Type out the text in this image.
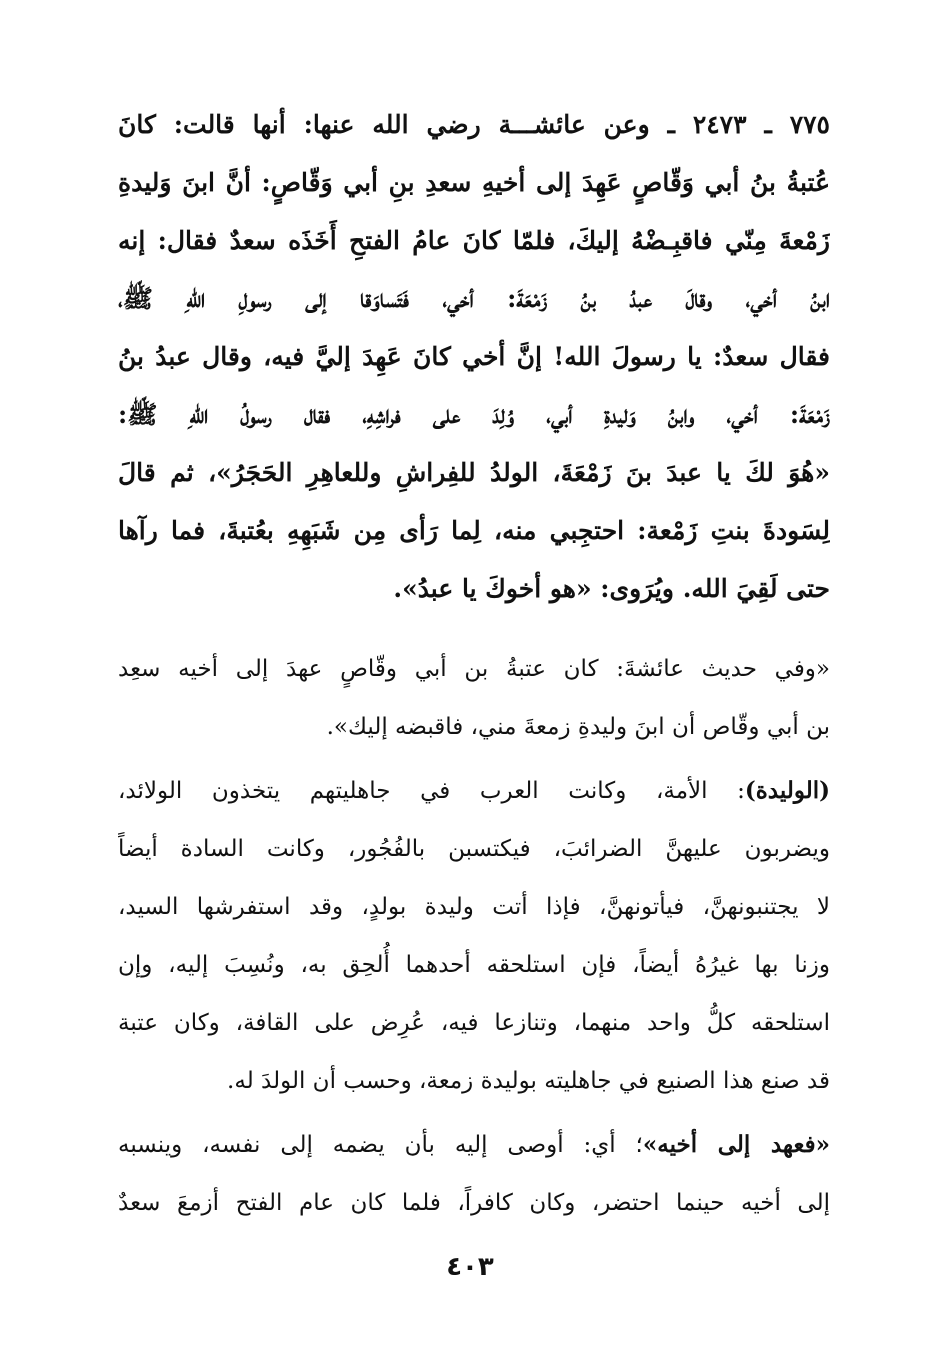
٧٧٥ ـ ٢٤٧٣ ـ وعن عائشـــة رضي الله عنها: أنها قالت: كانَ
عُتبةُ بنُ أبي وَقّاصٍ عَهِدَ إلى أخيهِ سعدِ بنِ أبي وَقّاصٍ: أنَّ ابنَ وَليدةِ
زَمْعةَ مِنّي فاقبِـضْهُ إليكَ، فلمّا كانَ عامُ الفتحِ أَخَذَه سعدٌ فقال: إنه
ابنُ أخي، وقالَ عبدُ بنُ زَمْعَةَ: أخي، فَتَساوَقا إلى رسولِ اللهِ ﷺ،
فقال سعدٌ: يا رسولَ الله! إنَّ أخي كانَ عَهِدَ إليَّ فيه، وقال عبدُ بنُ
زَمْعَةَ: أخي، وابنُ وَليدةِ أبي، وُلِدَ على فراشِهِ، فقال رسولُ اللهِ ﷺ:
«هُوَ لكَ يا عبدَ بنَ زَمْعَةَ، الولدُ للفِراشِ وللعاهِرِ الحَجَرُ»، ثم قالَ
لِسَودةَ بنتِ زَمْعة: احتجِبي منه، لِما رَأى مِن شَبَهِهِ بعُتبةَ، فما رآها
حتى لَقِيَ الله. ويُرَوى: «هو أخوكَ يا عبدُ».
«وفي حديث عائشةَ: كان عتبةُ بن أبي وقّاصٍ عهدَ إلى أخيه سعِد
بن أبي وقّاص أن ابنَ وليدةِ زمعةَ مني، فاقبضه إليك».
(الوليدة): الأمة، وكانت العرب في جاهليتهم يتخذون الولائد،
ويضربون عليهنَّ الضرائبَ، فيكتسبن بالفُجُور، وكانت السادة أيضاً
لا يجتنبونهنَّ، فيأتونهنَّ، فإذا أتت وليدة بولدٍ، وقد استفرشها السيد،
وزنا بها غيرُهُ أيضاً، فإن استلحقه أحدهما أُلحِق به، ونُسِبَ إليه، وإن
استلحقه كلُّ واحد منهما، وتنازعا فيه، عُرِض على القافة، وكان عتبة
قد صنع هذا الصنيع في جاهليته بوليدة زمعة، وحسب أن الولدَ له.
«فعهد إلى أخيه»؛ أي: أوصى إليه بأن يضمه إلى نفسه، وينسبه
إلى أخيه حينما احتضر، وكان كافراً، فلما كان عام الفتح أزمعَ سعدٌ
٤٠٣
